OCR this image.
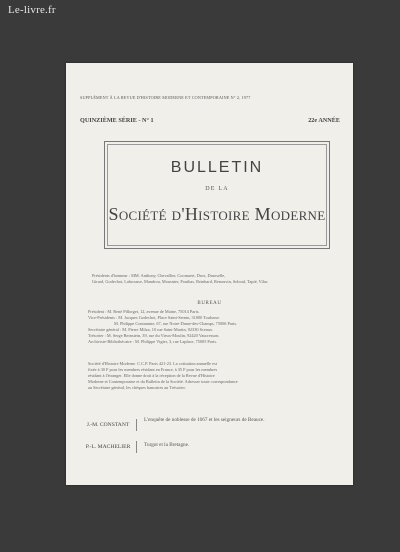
Le-livre.fr
SUPPLÉMENT À LA REVUE D'HISTOIRE MODERNE ET CONTEMPORAINE N° 2, 1977
QUINZIÈME SÉRIE - N° 1	22e ANNÉE
BULLETIN
DE LA
Société d'Histoire Moderne
Présidents d'honneur : MM. Anthony, Chevallier, Coornaert, Droz, Duroselle,
Girard, Godechot, Labrousse, Mandrou, Mousnier, Pouthas, Reinhard, Renouvin, Soboul, Tapié, Vilar.
BUREAU
Président : M. René Pillorget, 12, avenue de Maine, 75014 Paris.
Vice-Présidents : M. Jacques Godechot, Place Saint-Sernin, 31000 Toulouse.
M. Philippe Contamine, 67, rue Notre-Dame-des-Champs, 75006 Paris.
Secrétaire général : M. Pierre Milza, 10 rue Saint-Martin, 92330 Sceaux.
Trésorier : M. Serge Bernstein, 39, rue du Vieux-Moulin, 92420 Vaucresson.
Archiviste-Bibliothécaire : M. Philippe Vigier, 3, rue Laplace, 75005 Paris.
Société d'Histoire Moderne. C.C.P. Paris 421-23. La cotisation annuelle est
fixée à 30 F pour les membres résidant en France, à 35 F pour les membres
résidant à l'étranger. Elle donne droit à la réception de la Revue d'Histoire
Moderne et Contemporaine et du Bulletin de la Société. Adresser toute correspondance
au Secrétaire général, les chèques bancaires au Trésorier.
J.-M. CONSTANT
L'enquête de noblesse de 1667 et les seigneurs de Beauce.
P.-L. MACHELIER	Turgot et la Bretagne.
